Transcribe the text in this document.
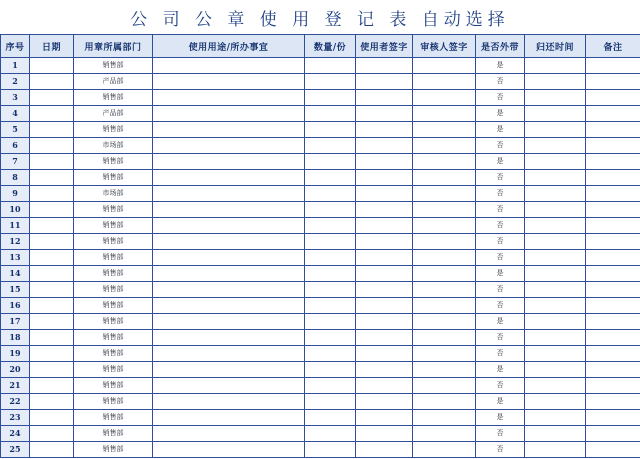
公 司 公 章 使 用 登 记 表 自动选择
序号	日期	用章所属部门	使用用途/所办事宜	数量/份	使用者签字	审核人签字	是否外带	归还时间	备注
1		销售部					是		
2		产品部					否		
3		销售部					否		
4		产品部					是		
5		销售部					是		
6		市场部					否		
7		销售部					是		
8		销售部					否		
9		市场部					否		
10		销售部					否		
11		销售部					否		
12		销售部					否		
13		销售部					否		
14		销售部					是		
15		销售部					否		
16		销售部					否		
17		销售部					是		
18		销售部					否		
19		销售部					否		
20		销售部					是		
21		销售部					否		
22		销售部					是		
23		销售部					是		
24		销售部					否		
25		销售部					否		
